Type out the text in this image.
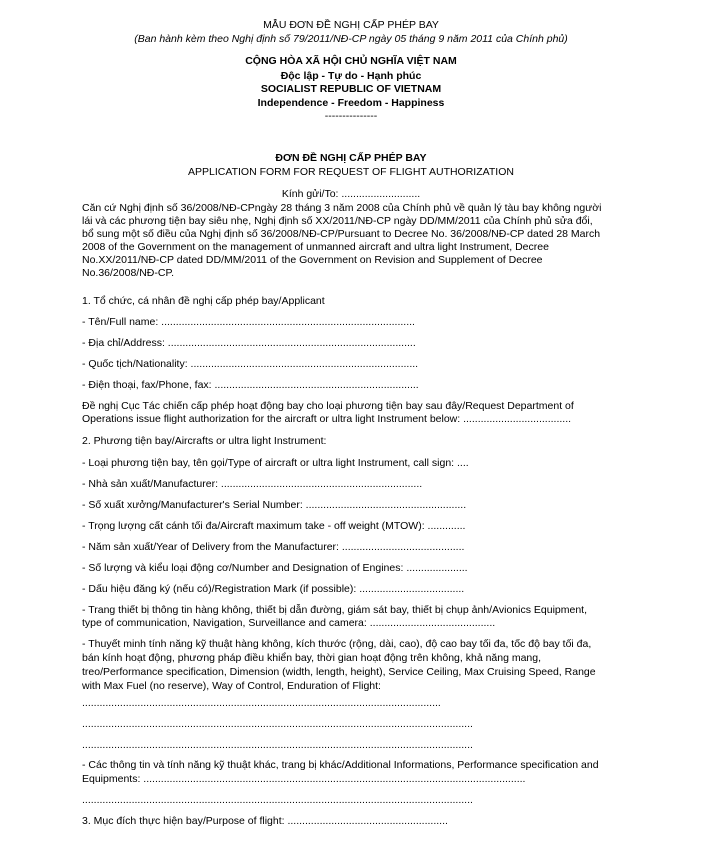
MẪU ĐƠN ĐỀ NGHỊ CẤP PHÉP BAY
(Ban hành kèm theo Nghị định số 79/2011/NĐ-CP ngày 05 tháng 9 năm 2011 của Chính phủ)
CỘNG HÒA XÃ HỘI CHỦ NGHĨA VIỆT NAM
Độc lập - Tự do - Hạnh phúc
SOCIALIST REPUBLIC OF VIETNAM
Independence - Freedom - Happiness
---------------
ĐƠN ĐỀ NGHỊ CẤP PHÉP BAY
APPLICATION FORM FOR REQUEST OF FLIGHT AUTHORIZATION
Kính gửi/To: ...........................
Căn cứ Nghị định số 36/2008/NĐ-CPngày 28 tháng 3 năm 2008 của Chính phủ về quản lý tàu bay không người
lái và các phương tiện bay siêu nhẹ, Nghị định số XX/2011/NĐ-CP ngày DD/MM/2011 của Chính phủ sửa đổi,
bổ sung một số điều của Nghị định số 36/2008/NĐ-CP/Pursuant to Decree No. 36/2008/NĐ-CP dated 28 March
2008 of the Government on the management of unmanned aircraft and ultra light Instrument, Decree
No.XX/2011/NĐ-CP dated DD/MM/2011 of the Government on Revision and Supplement of Decree
No.36/2008/NĐ-CP.
1. Tổ chức, cá nhân đề nghị cấp phép bay/Applicant
- Tên/Full name: .......................................................................................
- Địa chỉ/Address: .....................................................................................
- Quốc tịch/Nationality: ..............................................................................
- Điện thoại, fax/Phone, fax: ......................................................................
Đề nghị Cục Tác chiến cấp phép hoạt động bay cho loại phương tiện bay sau đây/Request Department of
Operations issue flight authorization for the aircraft or ultra light Instrument below: .....................................
2. Phương tiện bay/Aircrafts or ultra light Instrument:
- Loại phương tiện bay, tên gọi/Type of aircraft or ultra light Instrument, call sign: ....
- Nhà sản xuất/Manufacturer: .....................................................................
- Số xuất xưởng/Manufacturer's Serial Number: .......................................................
- Trọng lượng cất cánh tối đa/Aircraft maximum take - off weight (MTOW): .............
- Năm sản xuất/Year of Delivery from the Manufacturer: ..........................................
- Số lượng và kiểu loại động cơ/Number and Designation of Engines: .....................
- Dấu hiệu đăng ký (nếu có)/Registration Mark (if possible): ....................................
- Trang thiết bị thông tin hàng không, thiết bị dẫn đường, giám sát bay, thiết bị chụp ảnh/Avionics Equipment,
type of communication, Navigation, Surveillance and camera: ...........................................
- Thuyết minh tính năng kỹ thuật hàng không, kích thước (rộng, dài, cao), độ cao bay tối đa, tốc độ bay tối đa,
bán kính hoạt động, phương pháp điều khiển bay, thời gian hoạt động trên không, khả năng mang,
treo/Performance specification, Dimension (width, length, height), Service Ceiling, Max Cruising Speed, Range
with Max Fuel (no reserve), Way of Control, Enduration of Flight:
...........................................................................................................................
......................................................................................................................................
......................................................................................................................................
- Các thông tin và tính năng kỹ thuật khác, trang bị khác/Additional Informations, Performance specification and
Equipments: ...................................................................................................................................
......................................................................................................................................
3. Mục đích thực hiện bay/Purpose of flight: .......................................................
